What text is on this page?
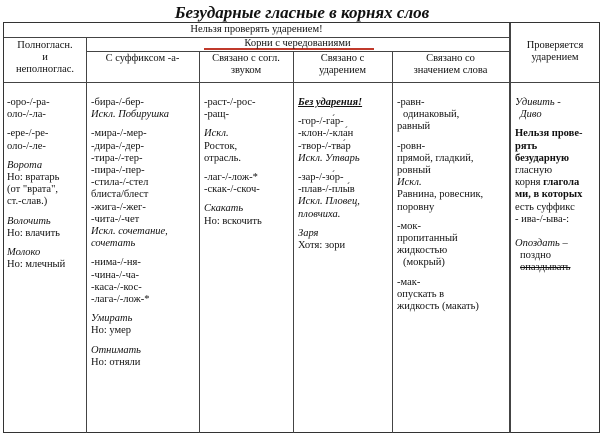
Безударные гласные в корнях слов
Нельзя проверять ударением!
Полногласн.
и
неполноглас.
Корни с чередованиями
С суффиксом -а-	Связано с согл.
звуком
Связано с
ударением
Связано со
значением слова
Проверяется
ударением
-оро-/-ра-
оло-/-ла-
-ере-/-ре-
оло-/-ле-
Ворота
Но: вратарь
(от "врата",
ст.-слав.)
Волочить
Но: влачить
Молоко
Но: млечный
-бира-/-бер-
Искл. Побирушка
-мира-/-мер-
-дира-/-дер-
-тира-/-тер-
-пира-/-пер-
-стила-/-стел
блиста/блест
-жига-/-жег-
-чита-/-чет
Искл. сочетание,
сочетать
-нима-/-ня-
-чина-/-ча-
-каса-/-кос-
-лага-/-лож-*
Умирать
Но: умер
Отнимать
Но: отняли
-раст-/-рос-
-ращ-
Искл.
Росток,
отрасль.
-лаг-/-лож-*
-скак-/-скоч-
Скакать
Но: вскочить
Без ударения!
-гор-/-га́р-
-клон-/-кла́н
-твор-/-тва́р
Искл. Утварь
-зар-/-зо́р-
-плав-/-плы́в
Искл. Пловец,
пловчиха.
Заря
Хотя: зори
-равн-
одинаковый,
равный
-ровн-
прямой, гладкий,
ровный
Искл.
Равнина, ровесник,
поровну
-мок-
пропитанный
жидкостью
(мокрый)
-мак-
опускать в
жидкость (макать)
Удивить -
Диво
Нельзя прове-
рять
безударную
гласную
корня глагола
ми, в которых
есть суффикс
- ива-/-ыва-:
Опоздать –
поздно
опаздывать
